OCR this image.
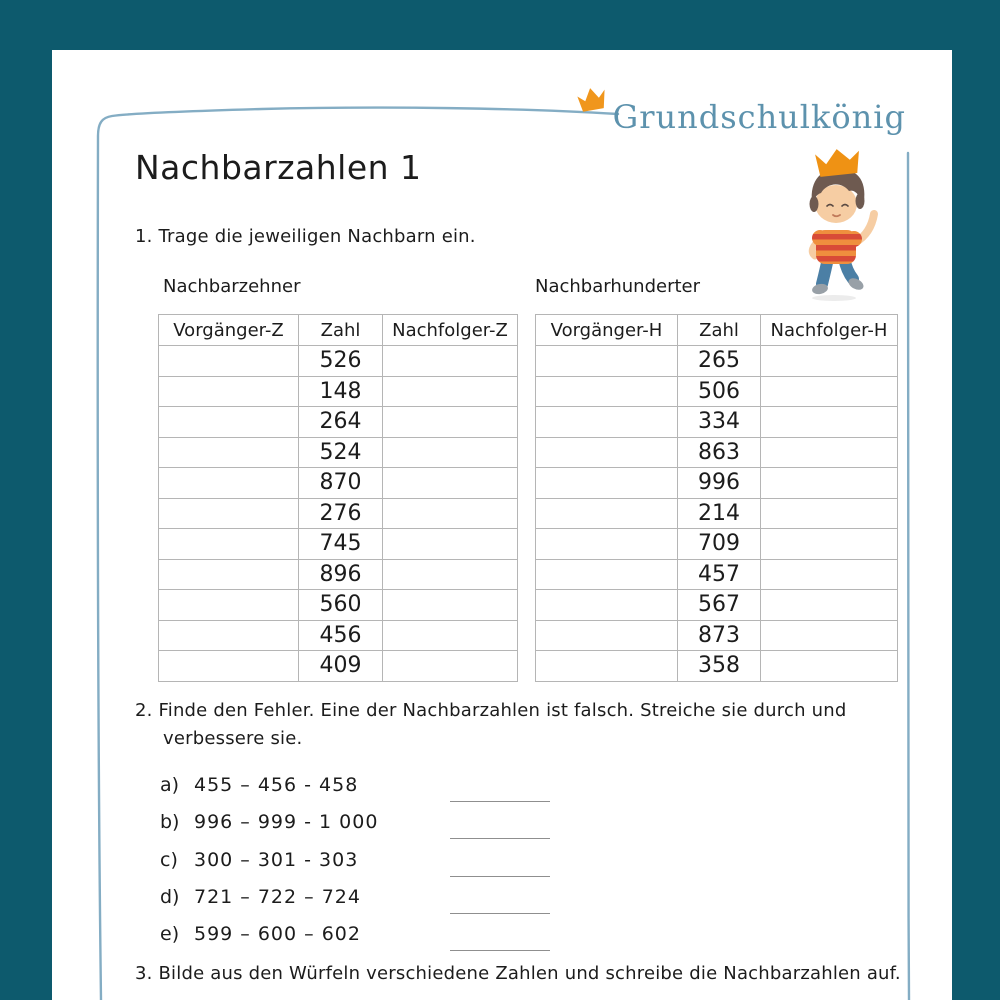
Grundschulkönig
Nachbarzahlen 1
1. Trage die jeweiligen Nachbarn ein.
Nachbarzehner	Nachbarhunderter
Vorgänger-Z	Zahl	Nachfolger-Z
	526	
	148	
	264	
	524	
	870	
	276	
	745	
	896	
	560	
	456	
	409	
Vorgänger-H	Zahl	Nachfolger-H
	265	
	506	
	334	
	863	
	996	
	214	
	709	
	457	
	567	
	873	
	358	
2. Finde den Fehler. Eine der Nachbarzahlen ist falsch. Streiche sie durch und
verbessere sie.
a) 455 – 456 - 458
b) 996 – 999 - 1 000
c) 300 – 301 - 303
d) 721 – 722 – 724
e) 599 – 600 – 602
3. Bilde aus den Würfeln verschiedene Zahlen und schreibe die Nachbarzahlen auf.
